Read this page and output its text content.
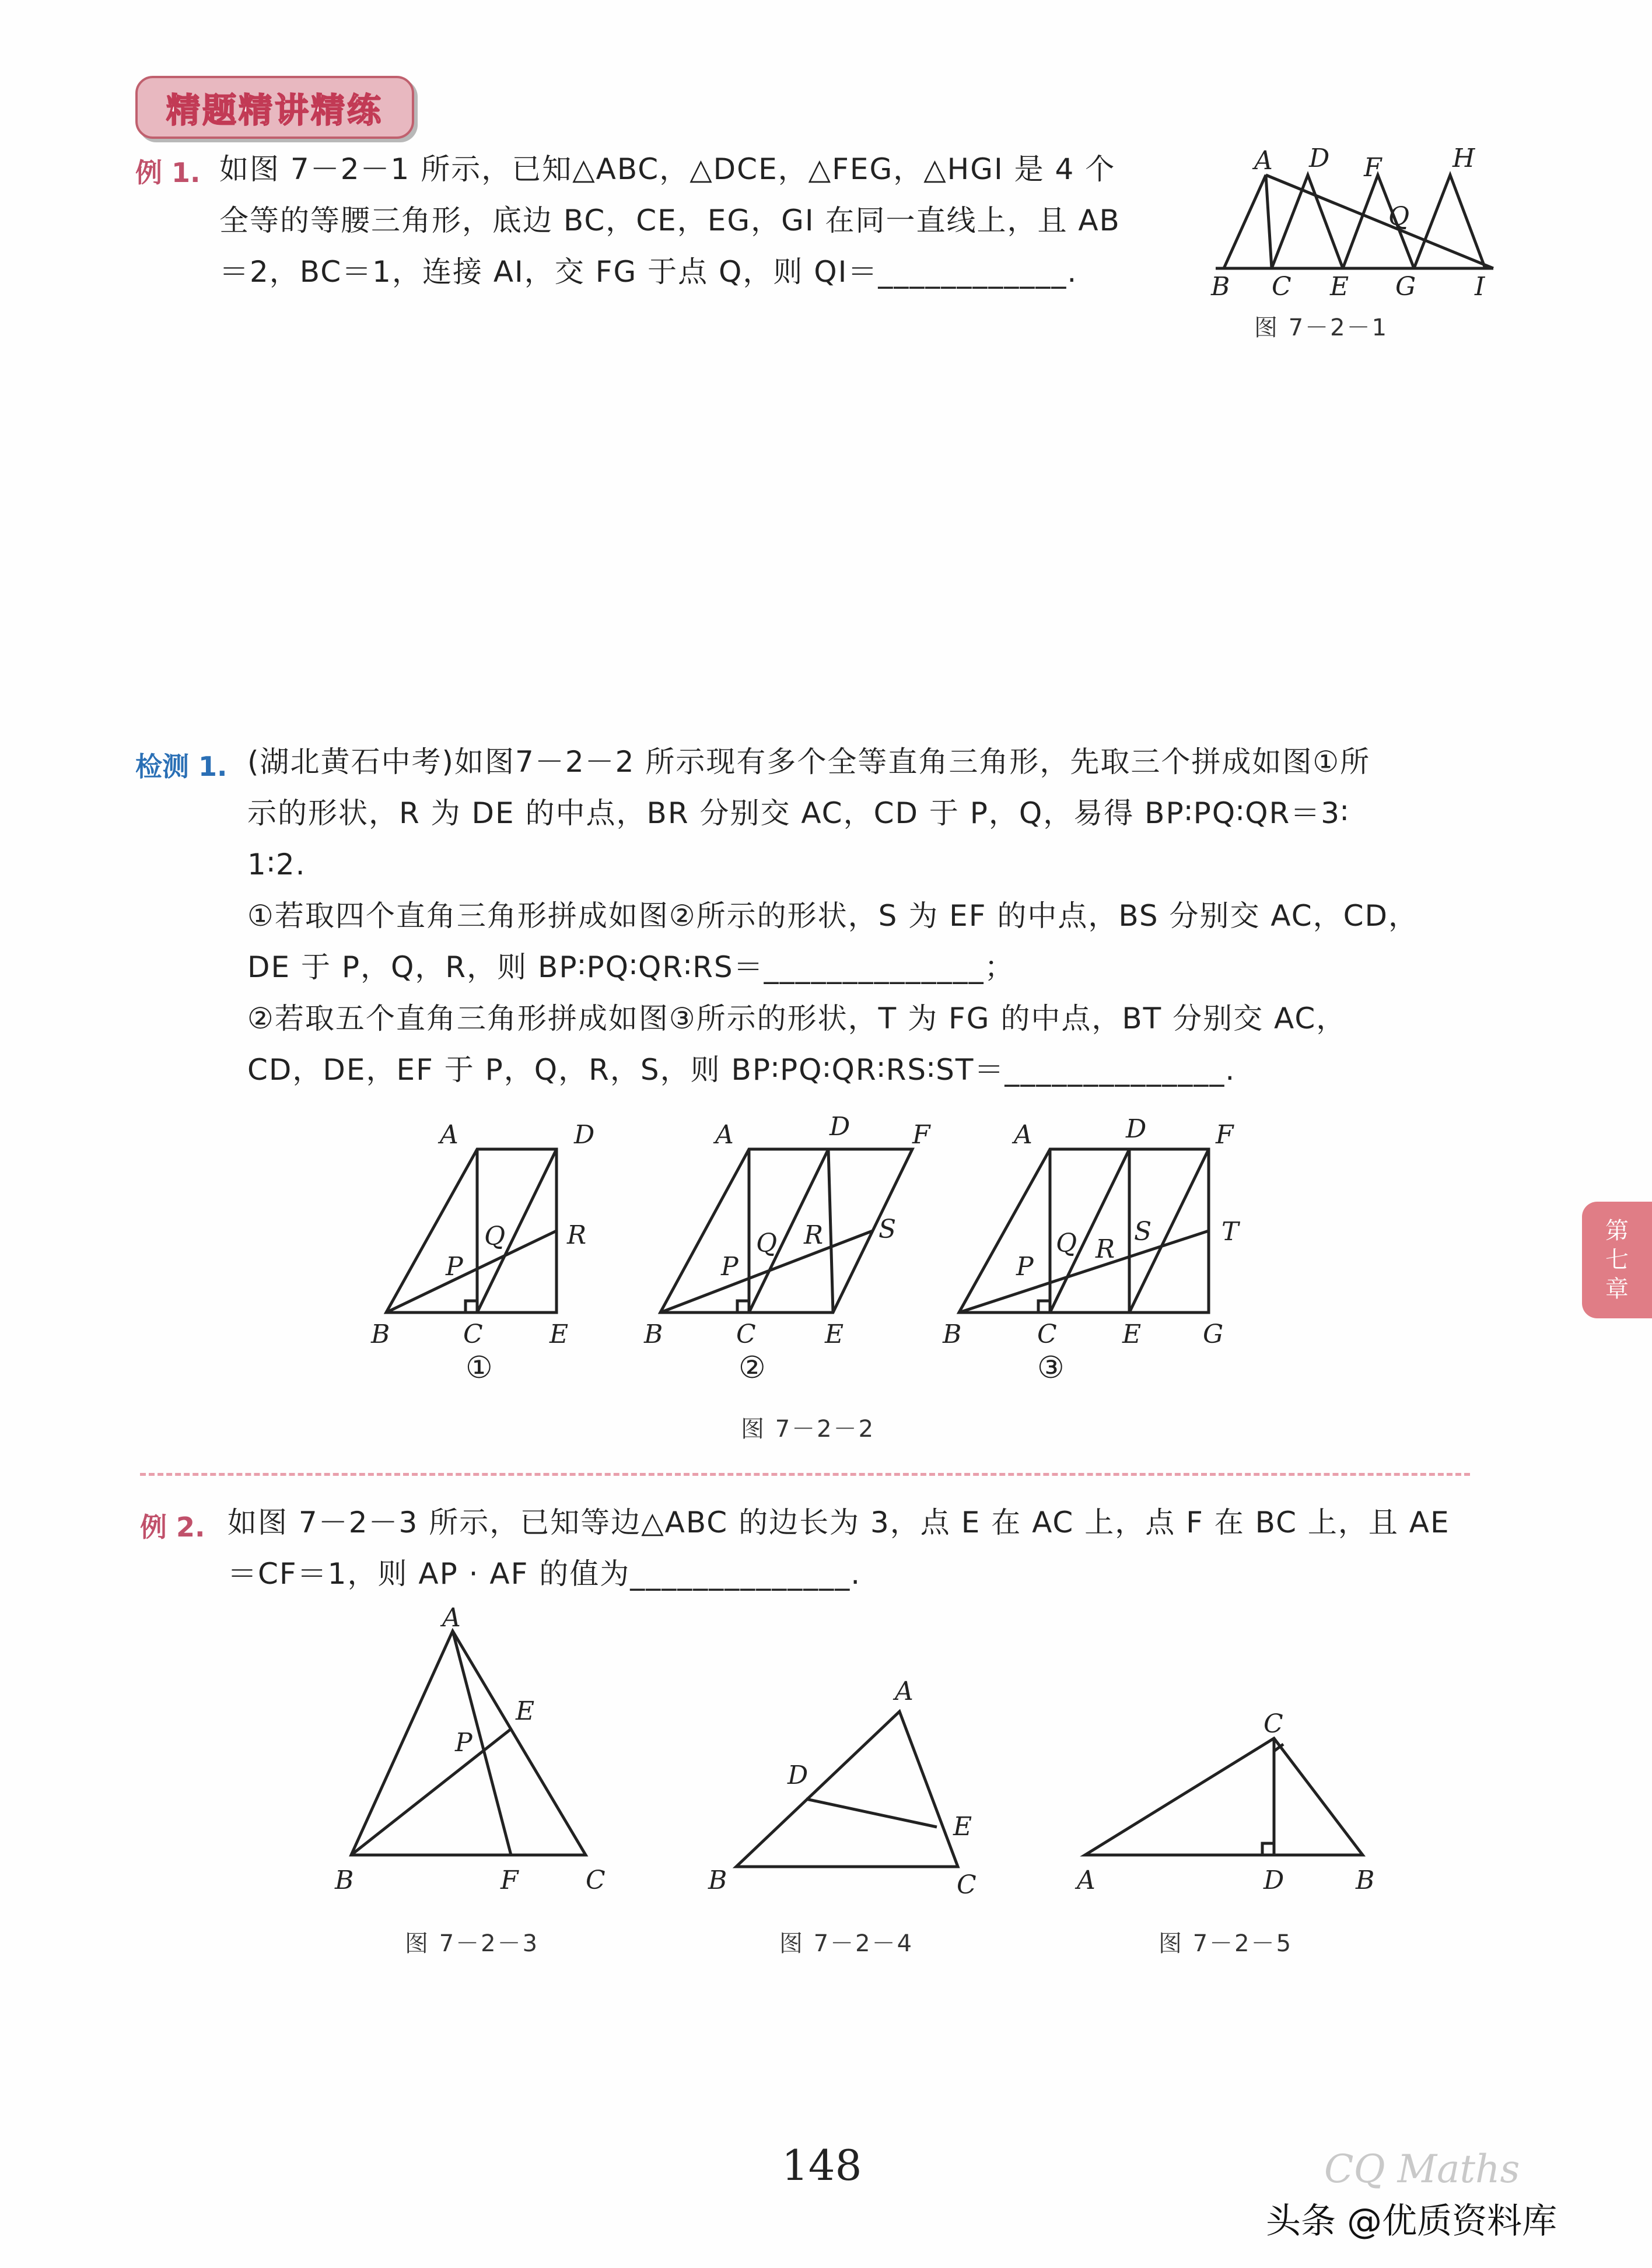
精题精讲精练
例 1. 如图 7－2－1 所示，已知△ABC，△DCE，△FEG，△HGI 是 4 个
全等的等腰三角形，底边 BC，CE，EG，GI 在同一直线上，且 AB
＝2，BC＝1，连接 AI，交 FG 于点 Q，则 QI＝____________.
A D F	H
Q
B C E G I
图 7－2－1
检测 1. (湖北黄石中考)如图7－2－2 所示现有多个全等直角三角形，先取三个拼成如图①所
示的形状，R 为 DE 的中点，BR 分别交 AC，CD 于 P，Q，易得 BP∶PQ∶QR＝3∶
1∶2.
①若取四个直角三角形拼成如图②所示的形状，S 为 EF 的中点，BS 分别交 AC，CD，
DE 于 P，Q，R，则 BP∶PQ∶QR∶RS＝______________；
②若取五个直角三角形拼成如图③所示的形状，T 为 FG 的中点，BT 分别交 AC，
CD，DE，EF 于 P，Q，R，S，则 BP∶PQ∶QR∶RS∶ST＝______________.
A	D
R
Q
P
B	C	E
①
A	D F
S
Q R
P
B	C	E
②
A	D	F
T
Q R
S
P
B	C	E G
③
图 7－2－2
例 2. 如图 7－2－3 所示，已知等边△ABC 的边长为 3，点 E 在 AC 上，点 F 在 BC 上，且 AE
＝CF＝1，则 AP · AF 的值为______________.
A
P
E
B	F	C
A
D
E
B	C
C
A	D	B
图 7－2－3	图 7－2－4	图 7－2－5
第
七
章
148	CQ Maths
头条 @优质资料库
